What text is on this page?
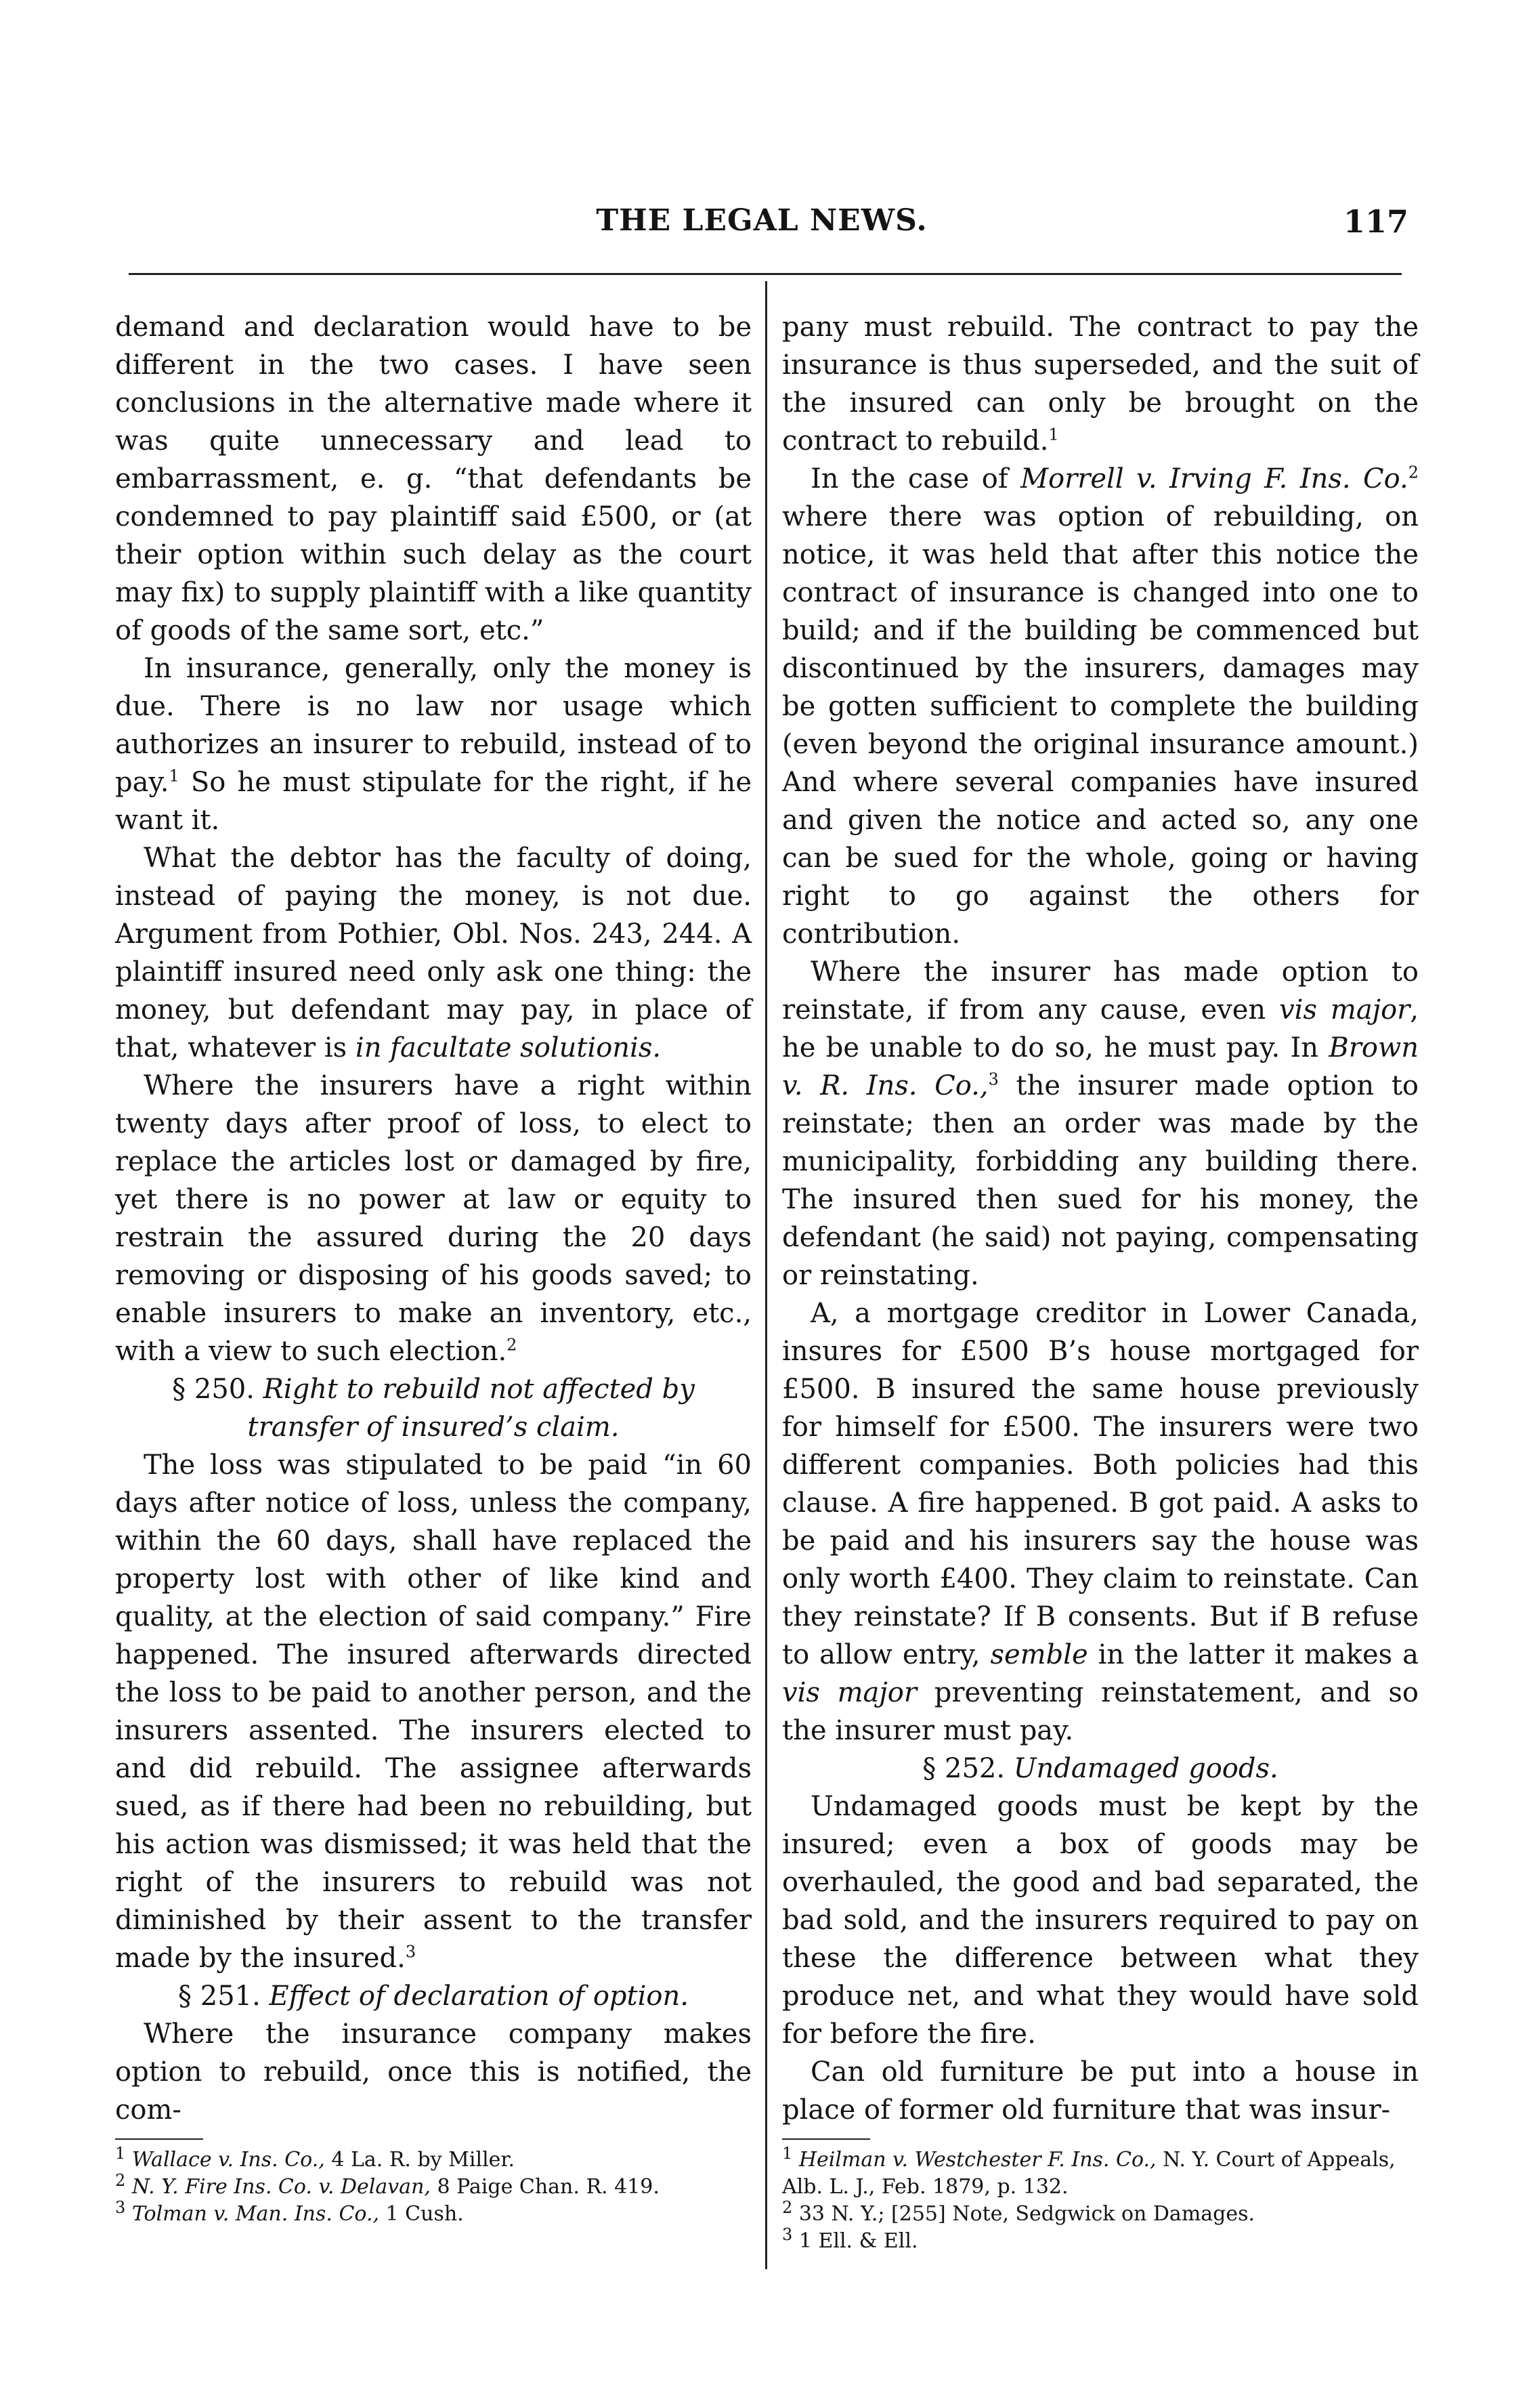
THE LEGAL NEWS.	117

demand and declaration would have to be different in the two cases. I have seen conclusions in the alternative made where it was quite unnecessary and lead to embarrassment, e. g. “that defendants be condemned to pay plaintiff said £500, or (at their option within such delay as the court may fix) to supply plaintiff with a like quantity of goods of the same sort, etc.”

In insurance, generally, only the money is due. There is no law nor usage which authorizes an insurer to rebuild, instead of to pay.$^1$ So he must stipulate for the right, if he want it.

What the debtor has the faculty of doing, instead of paying the money, is not due. Argument from Pothier, Obl. Nos. 243, 244. A plaintiff insured need only ask one thing: the money, but defendant may pay, in place of that, whatever is in facultate solutionis.

Where the insurers have a right within twenty days after proof of loss, to elect to replace the articles lost or damaged by fire, yet there is no power at law or equity to restrain the assured during the 20 days removing or disposing of his goods saved; to enable insurers to make an inventory, etc., with a view to such election.$^2$

§ 250. Right to rebuild not affected by transfer of insured’s claim.

The loss was stipulated to be paid “in 60 days after notice of loss, unless the company, within the 60 days, shall have replaced the property lost with other of like kind and quality, at the election of said company.” Fire happened. The insured afterwards directed the loss to be paid to another person, and the insurers assented. The insurers elected to and did rebuild. The assignee afterwards sued, as if there had been no rebuilding, but his action was dismissed; it was held that the right of the insurers to rebuild was not diminished by their assent to the transfer made by the insured.$^3$

§ 251. Effect of declaration of option.

Where the insurance company makes option to rebuild, once this is notified, the com-

$^1$ Wallace v. Ins. Co., 4 La. R. by Miller.
$^2$ N. Y. Fire Ins. Co. v. Delavan, 8 Paige Chan. R. 419.
$^3$ Tolman v. Man. Ins. Co., 1 Cush.

pany must rebuild. The contract to pay the insurance is thus superseded, and the suit of the insured can only be brought on the contract to rebuild.$^1$

In the case of Morrell v. Irving F. Ins. Co.$^2$ where there was option of rebuilding, on notice, it was held that after this notice the contract of insurance is changed into one to build; and if the building be commenced but discontinued by the insurers, damages may be gotten sufficient to complete the building (even beyond the original insurance amount.) And where several companies have insured and given the notice and acted so, any one can be sued for the whole, going or having right to go against the others for contribution.

Where the insurer has made option to reinstate, if from any cause, even vis major, he be unable to do so, he must pay. In Brown v. R. Ins. Co.,$^3$ the insurer made option to reinstate; then an order was made by the municipality, forbidding any building there. The insured then sued for his money, the defendant (he said) not paying, compensating or reinstating.

A, a mortgage creditor in Lower Canada, insures for £500 B’s house mortgaged for £500. B insured the same house previously for himself for £500. The insurers were two different companies. Both policies had this clause. A fire happened. B got paid. A asks to be paid and his insurers say the house was only worth £400. They claim to reinstate. Can they reinstate? If B consents. But if B refuse to allow entry, semble in the latter it makes a vis major preventing reinstatement, and so the insurer must pay.

§ 252. Undamaged goods.

Undamaged goods must be kept by the insured; even a box of goods may be overhauled, the good and bad separated, the bad sold, and the insurers required to pay on these the difference between what they produce net, and what they would have sold for before the fire.

Can old furniture be put into a house in place of former old furniture that was insur-

$^1$ Heilman v. Westchester F. Ins. Co., N. Y. Court of Appeals, Alb. L. J., Feb. 1879, p. 132.
$^2$ 33 N. Y.; [255] Note, Sedgwick on Damages.
$^3$ 1 Ell. & Ell.
